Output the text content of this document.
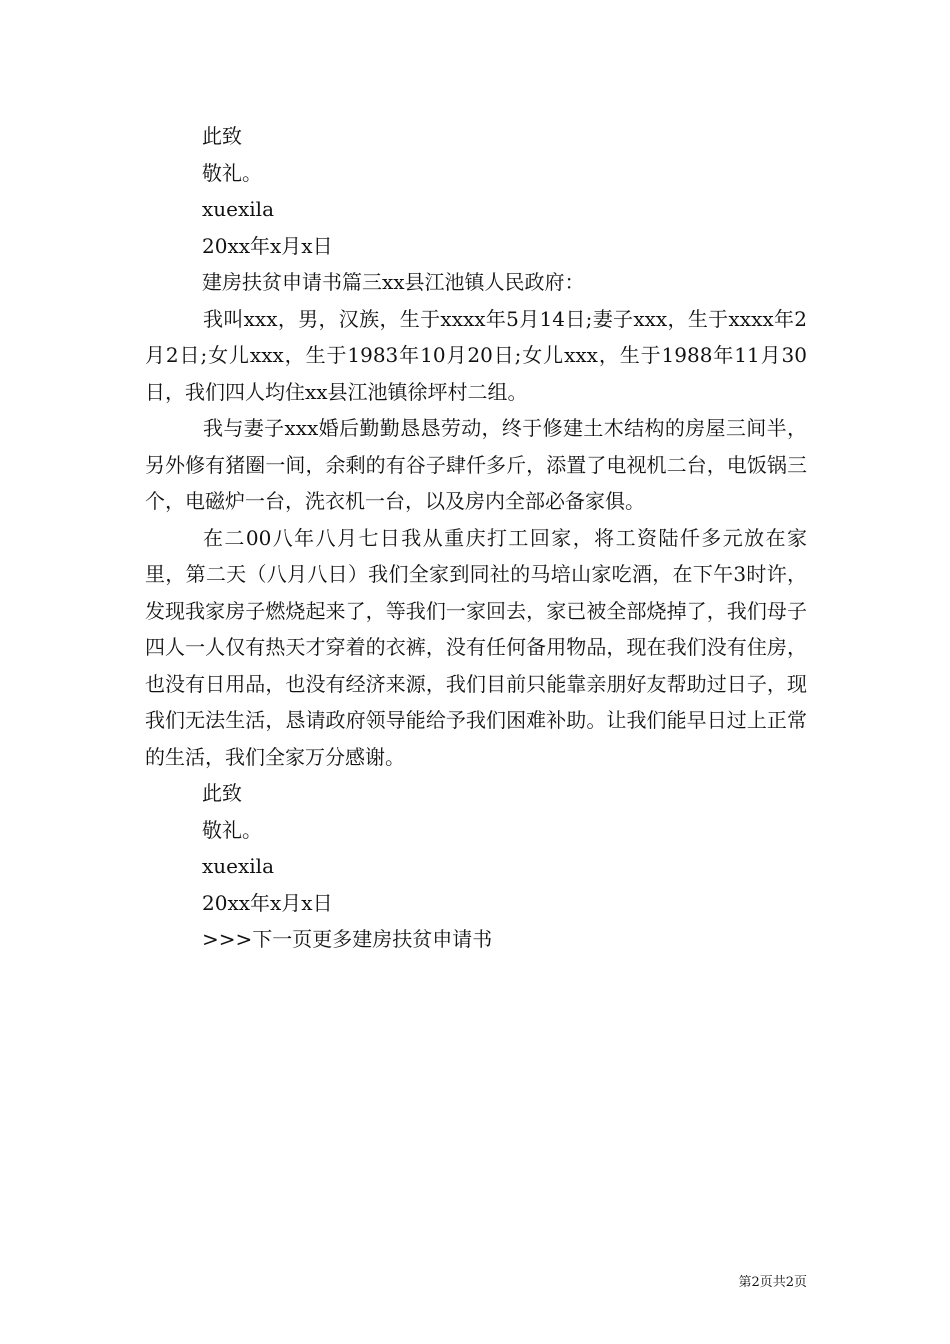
此致

敬礼。

xuexila

20xx年x月x日

建房扶贫申请书篇三xx县江池镇人民政府：

我叫xxx，男，汉族，生于xxxx年5月14日;妻子xxx，生于xxxx年2月2日;女儿xxx，生于1983年10月20日;女儿xxx，生于1988年11月30日，我们四人均住xx县江池镇徐坪村二组。

我与妻子xxx婚后勤勤恳恳劳动，终于修建土木结构的房屋三间半，另外修有猪圈一间，余剩的有谷子肆仟多斤，添置了电视机二台，电饭锅三个，电磁炉一台，洗衣机一台，以及房内全部必备家俱。

在二00八年八月七日我从重庆打工回家，将工资陆仟多元放在家里，第二天（八月八日）我们全家到同社的马培山家吃酒，在下午3时许，发现我家房子燃烧起来了，等我们一家回去，家已被全部烧掉了，我们母子四人一人仅有热天才穿着的衣裤，没有任何备用物品，现在我们没有住房，也没有日用品，也没有经济来源，我们目前只能靠亲朋好友帮助过日子，现我们无法生活，恳请政府领导能给予我们困难补助。让我们能早日过上正常的生活，我们全家万分感谢。

此致

敬礼。

xuexila

20xx年x月x日

>>>下一页更多建房扶贫申请书

第2页共2页
